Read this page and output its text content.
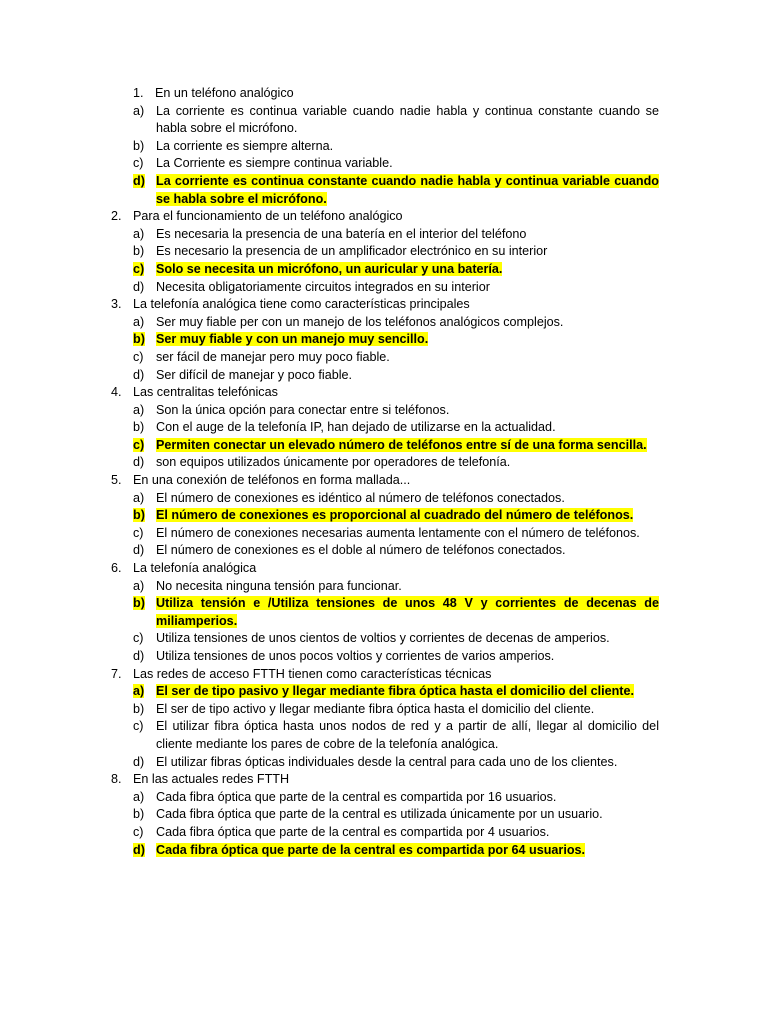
1. En un teléfono analógico
a) La corriente es continua variable cuando nadie habla y continua constante cuando se habla sobre el micrófono.
b) La corriente es siempre alterna.
c) La Corriente es siempre continua variable.
d) La corriente es continua constante cuando nadie habla y continua variable cuando se habla sobre el micrófono.
2. Para el funcionamiento de un teléfono analógico
a) Es necesaria la presencia de una batería en el interior del teléfono
b) Es necesario la presencia de un amplificador electrónico en su interior
c) Solo se necesita un micrófono, un auricular y una batería.
d) Necesita obligatoriamente circuitos integrados en su interior
3. La telefonía analógica tiene como características principales
a) Ser muy fiable per con un manejo de los teléfonos analógicos complejos.
b) Ser muy fiable y con un manejo muy sencillo.
c) ser fácil de manejar pero muy poco fiable.
d) Ser difícil de manejar y poco fiable.
4. Las centralitas telefónicas
a) Son la única opción para conectar entre si teléfonos.
b) Con el auge de la telefonía IP, han dejado de utilizarse en la actualidad.
c) Permiten conectar un elevado número de teléfonos entre sí de una forma sencilla.
d) son equipos utilizados únicamente por operadores de telefonía.
5. En una conexión de teléfonos en forma mallada...
a) El número de conexiones es idéntico al número de teléfonos conectados.
b) El número de conexiones es proporcional al cuadrado del número de teléfonos.
c) El número de conexiones necesarias aumenta lentamente con el número de teléfonos.
d) El número de conexiones es el doble al número de teléfonos conectados.
6. La telefonía analógica
a) No necesita ninguna tensión para funcionar.
b) Utiliza tensión e /Utiliza tensiones de unos 48 V y corrientes de decenas de miliamperios.
c) Utiliza tensiones de unos cientos de voltios y corrientes de decenas de amperios.
d) Utiliza tensiones de unos pocos voltios y corrientes de varios amperios.
7. Las redes de acceso FTTH tienen como características técnicas
a) El ser de tipo pasivo y llegar mediante fibra óptica hasta el domicilio del cliente.
b) El ser de tipo activo y llegar mediante fibra óptica hasta el domicilio del cliente.
c) El utilizar fibra óptica hasta unos nodos de red y a partir de allí, llegar al domicilio del cliente mediante los pares de cobre de la telefonía analógica.
d) El utilizar fibras ópticas individuales desde la central para cada uno de los clientes.
8. En las actuales redes FTTH
a) Cada fibra óptica que parte de la central es compartida por 16 usuarios.
b) Cada fibra óptica que parte de la central es utilizada únicamente por un usuario.
c) Cada fibra óptica que parte de la central es compartida por 4 usuarios.
d) Cada fibra óptica que parte de la central es compartida por 64 usuarios.
